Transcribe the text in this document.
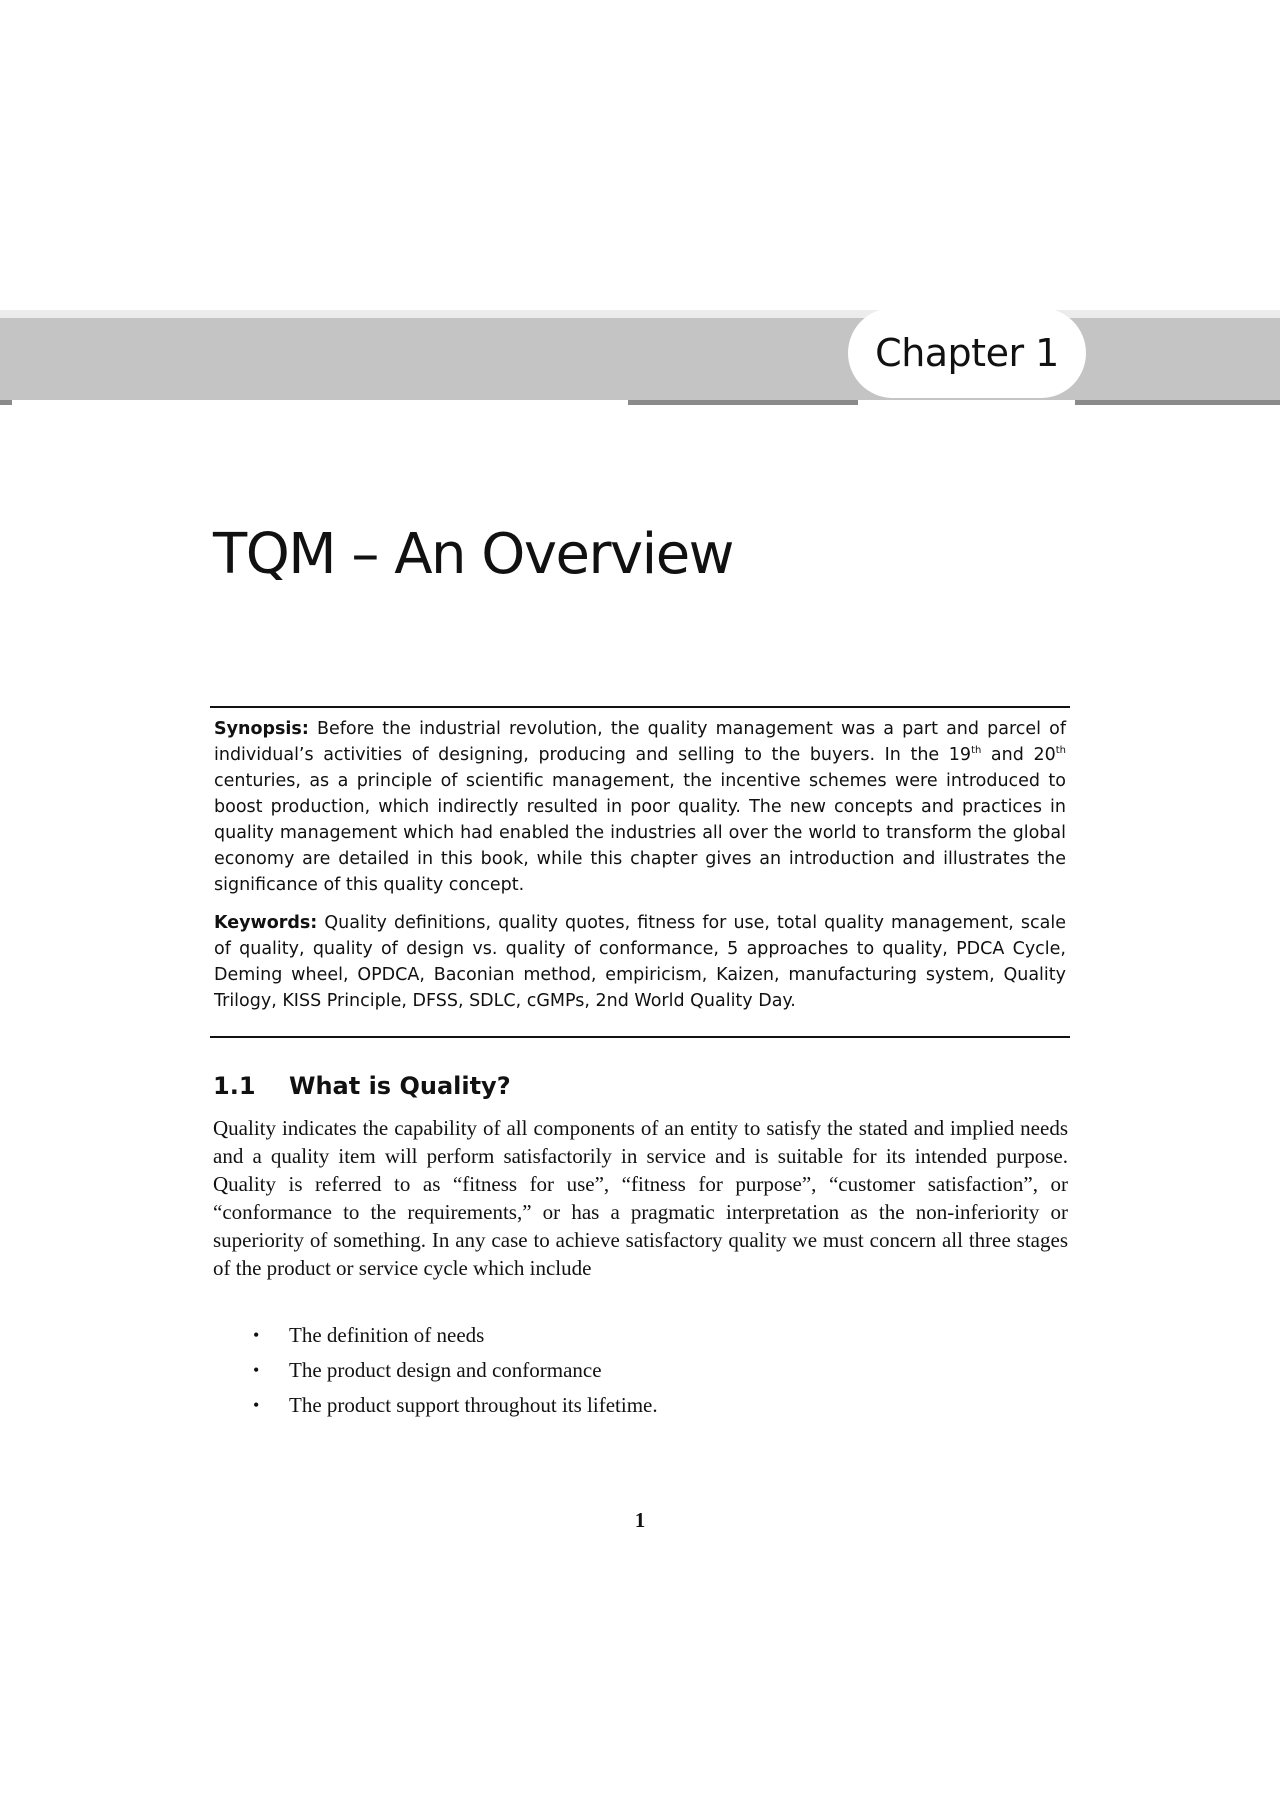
Chapter 1
TQM – An Overview

Synopsis: Before the industrial revolution, the quality management was a part and parcel of individual’s activities of designing, producing and selling to the buyers. In the 19th and 20th centuries, as a principle of scientific management, the incentive schemes were introduced to boost production, which indirectly resulted in poor quality. The new concepts and practices in quality management which had enabled the industries all over the world to transform the global economy are detailed in this book, while this chapter gives an introduction and illustrates the significance of this quality concept.

Keywords: Quality definitions, quality quotes, fitness for use, total quality management, scale of quality, quality of design vs. quality of conformance, 5 approaches to quality, PDCA Cycle, Deming wheel, OPDCA, Baconian method, empiricism, Kaizen, manufacturing system, Quality Trilogy, KISS Principle, DFSS, SDLC, cGMPs, 2nd World Quality Day.

1.1 What is Quality?

Quality indicates the capability of all components of an entity to satisfy the stated and implied needs and a quality item will perform satisfactorily in service and is suitable for its intended purpose. Quality is referred to as “fitness for use”, “fitness for purpose”, “customer satisfaction”, or “conformance to the requirements,” or has a pragmatic interpretation as the non-inferiority or superiority of something. In any case to achieve satisfactory quality we must concern all three stages of the product or service cycle which include

• The definition of needs
• The product design and conformance
• The product support throughout its lifetime.
1
